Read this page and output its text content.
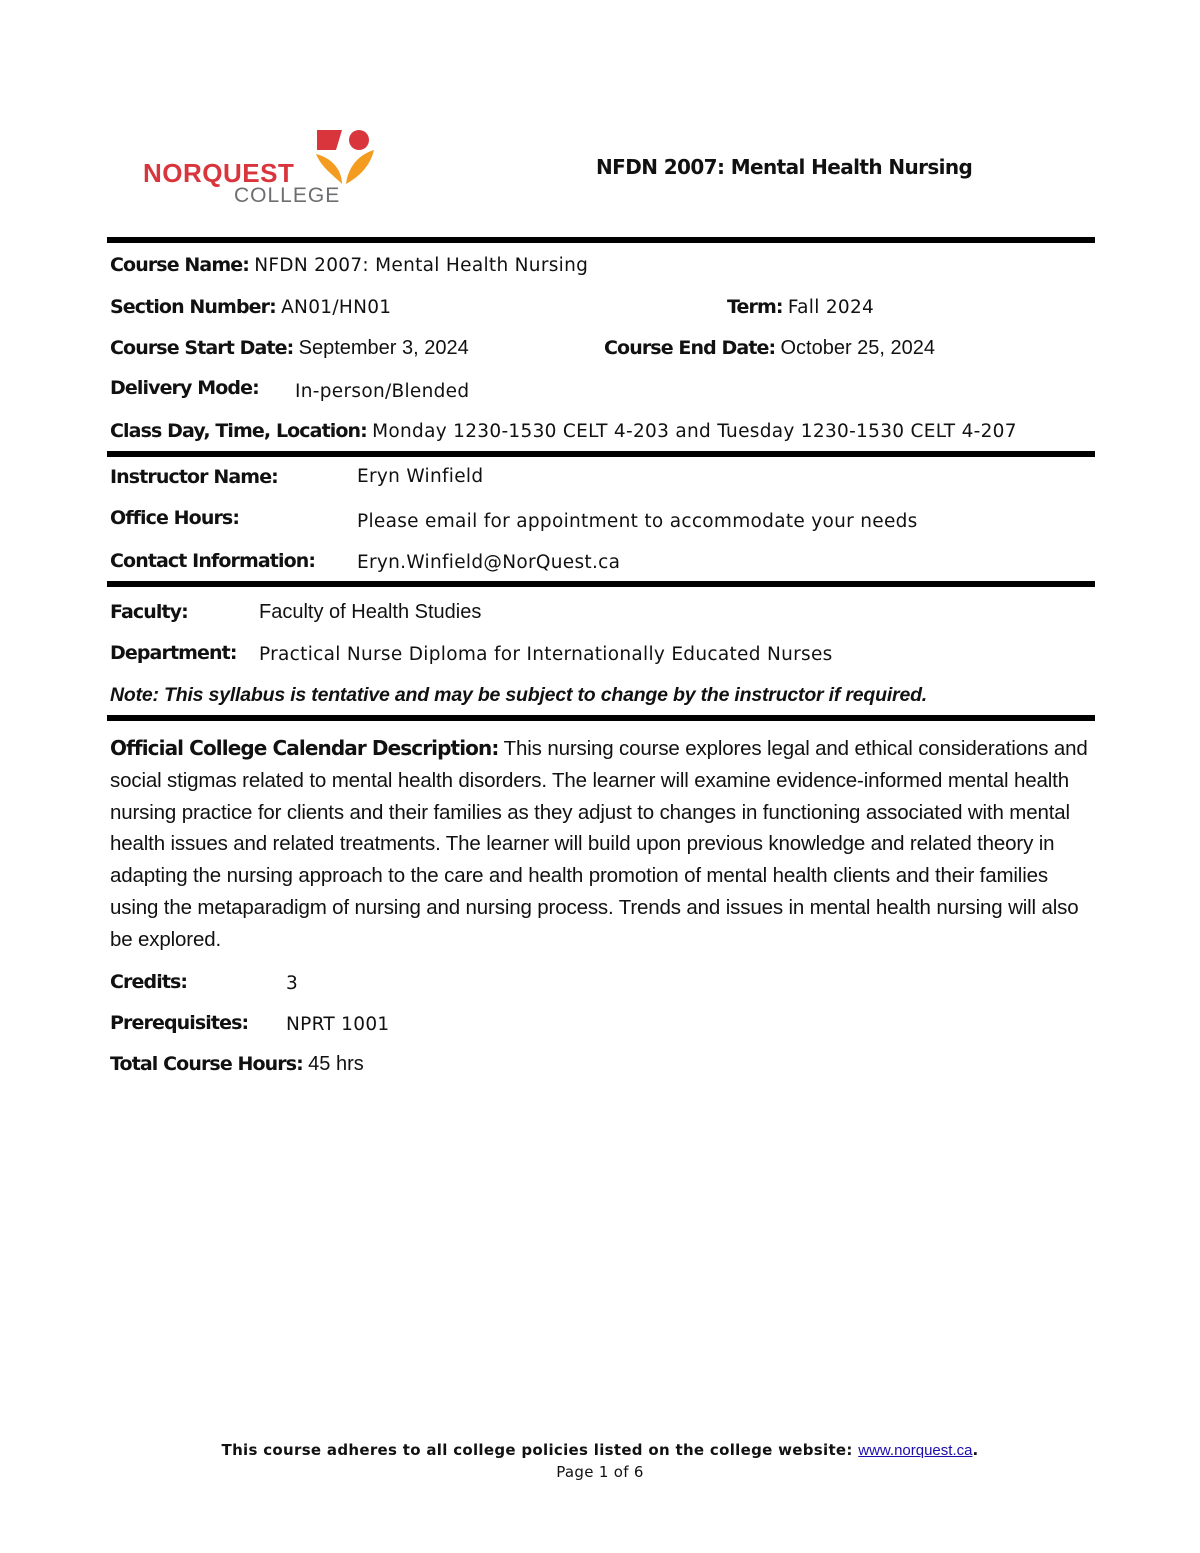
NORQUEST
COLLEGE
NFDN 2007: Mental Health Nursing
Course Name: NFDN 2007: Mental Health Nursing
Section Number: AN01/HN01	Term: Fall 2024
Course Start Date: September 3, 2024	Course End Date: October 25, 2024
Delivery Mode: In-person/Blended
Class Day, Time, Location: Monday 1230-1530 CELT 4-203 and Tuesday 1230-1530 CELT 4-207
Instructor Name:	Eryn Winfield
Office Hours:	Please email for appointment to accommodate your needs
Contact Information: Eryn.Winfield@NorQuest.ca
Faculty:	Faculty of Health Studies
Department: Practical Nurse Diploma for Internationally Educated Nurses
Note: This syllabus is tentative and may be subject to change by the instructor if required.
Official College Calendar Description: This nursing course explores legal and ethical considerations and social stigmas related to mental health disorders. The learner will examine evidence-informed mental health nursing practice for clients and their families as they adjust to changes in functioning associated with mental health issues and related treatments. The learner will build upon previous knowledge and related theory in adapting the nursing approach to the care and health promotion of mental health clients and their families using the metaparadigm of nursing and nursing process. Trends and issues in mental health nursing will also be explored.
Credits:	3
Prerequisites: NPRT 1001
Total Course Hours: 45 hrs
This course adheres to all college policies listed on the college website: www.norquest.ca.
Page 1 of 6
